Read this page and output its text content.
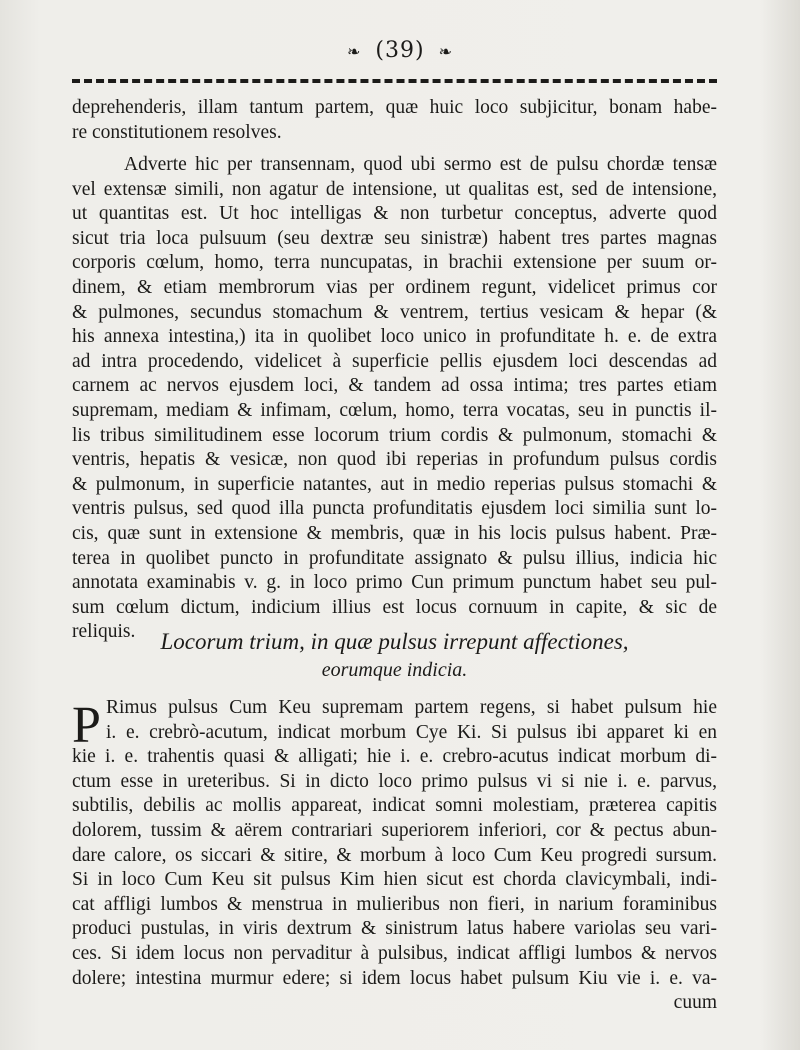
❧ (39) ❧
deprehenderis, illam tantum partem, quæ huic loco subjicitur, bonam habe-
re constitutionem resolves.
Adverte hic per transennam, quod ubi sermo est de pulsu chordæ tensæ
vel extensæ simili, non agatur de intensione, ut qualitas est, sed de intensione,
ut quantitas est. Ut hoc intelligas & non turbetur conceptus, adverte quod
sicut tria loca pulsuum (seu dextræ seu sinistræ) habent tres partes magnas
corporis cœlum, homo, terra nuncupatas, in brachii extensione per suum or-
dinem, & etiam membrorum vias per ordinem regunt, videlicet primus cor
& pulmones, secundus stomachum & ventrem, tertius vesicam & hepar (&
his annexa intestina,) ita in quolibet loco unico in profunditate h. e. de extra
ad intra procedendo, videlicet à superficie pellis ejusdem loci descendas ad
carnem ac nervos ejusdem loci, & tandem ad ossa intima; tres partes etiam
supremam, mediam & infimam, cœlum, homo, terra vocatas, seu in punctis il-
lis tribus similitudinem esse locorum trium cordis & pulmonum, stomachi &
ventris, hepatis & vesicæ, non quod ibi reperias in profundum pulsus cordis
& pulmonum, in superficie natantes, aut in medio reperias pulsus stomachi &
ventris pulsus, sed quod illa puncta profunditatis ejusdem loci similia sunt lo-
cis, quæ sunt in extensione & membris, quæ in his locis pulsus habent. Præ-
terea in quolibet puncto in profunditate assignato & pulsu illius, indicia hic
annotata examinabis v. g. in loco primo Cun primum punctum habet seu pul-
sum cœlum dictum, indicium illius est locus cornuum in capite, & sic de
reliquis.	Locorum trium, in quæ pulsus irrepunt affectiones,
eorumque indicia.
P Rimus pulsus Cum Keu supremam partem regens, si habet pulsum hie
i. e. crebrò-acutum, indicat morbum Cye Ki. Si pulsus ibi apparet ki en
kie i. e. trahentis quasi & alligati; hie i. e. crebro-acutus indicat morbum di-
ctum esse in ureteribus. Si in dicto loco primo pulsus vi si nie i. e. parvus,
subtilis, debilis ac mollis appareat, indicat somni molestiam, præterea capitis
dolorem, tussim & aërem contrariari superiorem inferiori, cor & pectus abun-
dare calore, os siccari & sitire, & morbum à loco Cum Keu progredi sursum.
Si in loco Cum Keu sit pulsus Kim hien sicut est chorda clavicymbali, indi-
cat affligi lumbos & menstrua in mulieribus non fieri, in narium foraminibus
produci pustulas, in viris dextrum & sinistrum latus habere variolas seu vari-
ces. Si idem locus non pervaditur à pulsibus, indicat affligi lumbos & nervos
dolere; intestina murmur edere; si idem locus habet pulsum Kiu vie i. e. va-
cuum
